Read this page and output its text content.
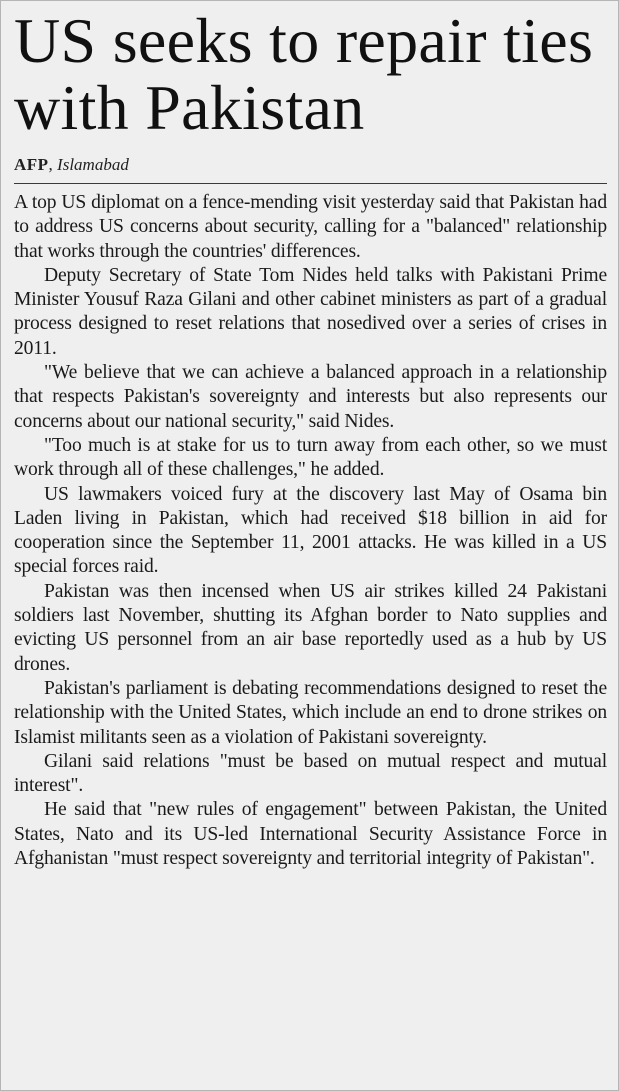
US seeks to repair ties with Pakistan
AFP, Islamabad

A top US diplomat on a fence-mending visit yesterday said that Pakistan had to address US concerns about security, calling for a "balanced" relationship that works through the countries' differences.

Deputy Secretary of State Tom Nides held talks with Pakistani Prime Minister Yousuf Raza Gilani and other cabinet ministers as part of a gradual process designed to reset relations that nosedived over a series of crises in 2011.

"We believe that we can achieve a balanced approach in a relationship that respects Pakistan's sovereignty and interests but also represents our concerns about our national security," said Nides.

"Too much is at stake for us to turn away from each other, so we must work through all of these challenges," he added.

US lawmakers voiced fury at the discovery last May of Osama bin Laden living in Pakistan, which had received $18 billion in aid for cooperation since the September 11, 2001 attacks. He was killed in a US special forces raid.

Pakistan was then incensed when US air strikes killed 24 Pakistani soldiers last November, shutting its Afghan border to Nato supplies and evicting US personnel from an air base reportedly used as a hub by US drones.

Pakistan's parliament is debating recommendations designed to reset the relationship with the United States, which include an end to drone strikes on Islamist militants seen as a violation of Pakistani sovereignty.

Gilani said relations "must be based on mutual respect and mutual interest".

He said that "new rules of engagement" between Pakistan, the United States, Nato and its US-led International Security Assistance Force in Afghanistan "must respect sovereignty and territorial integrity of Pakistan".
